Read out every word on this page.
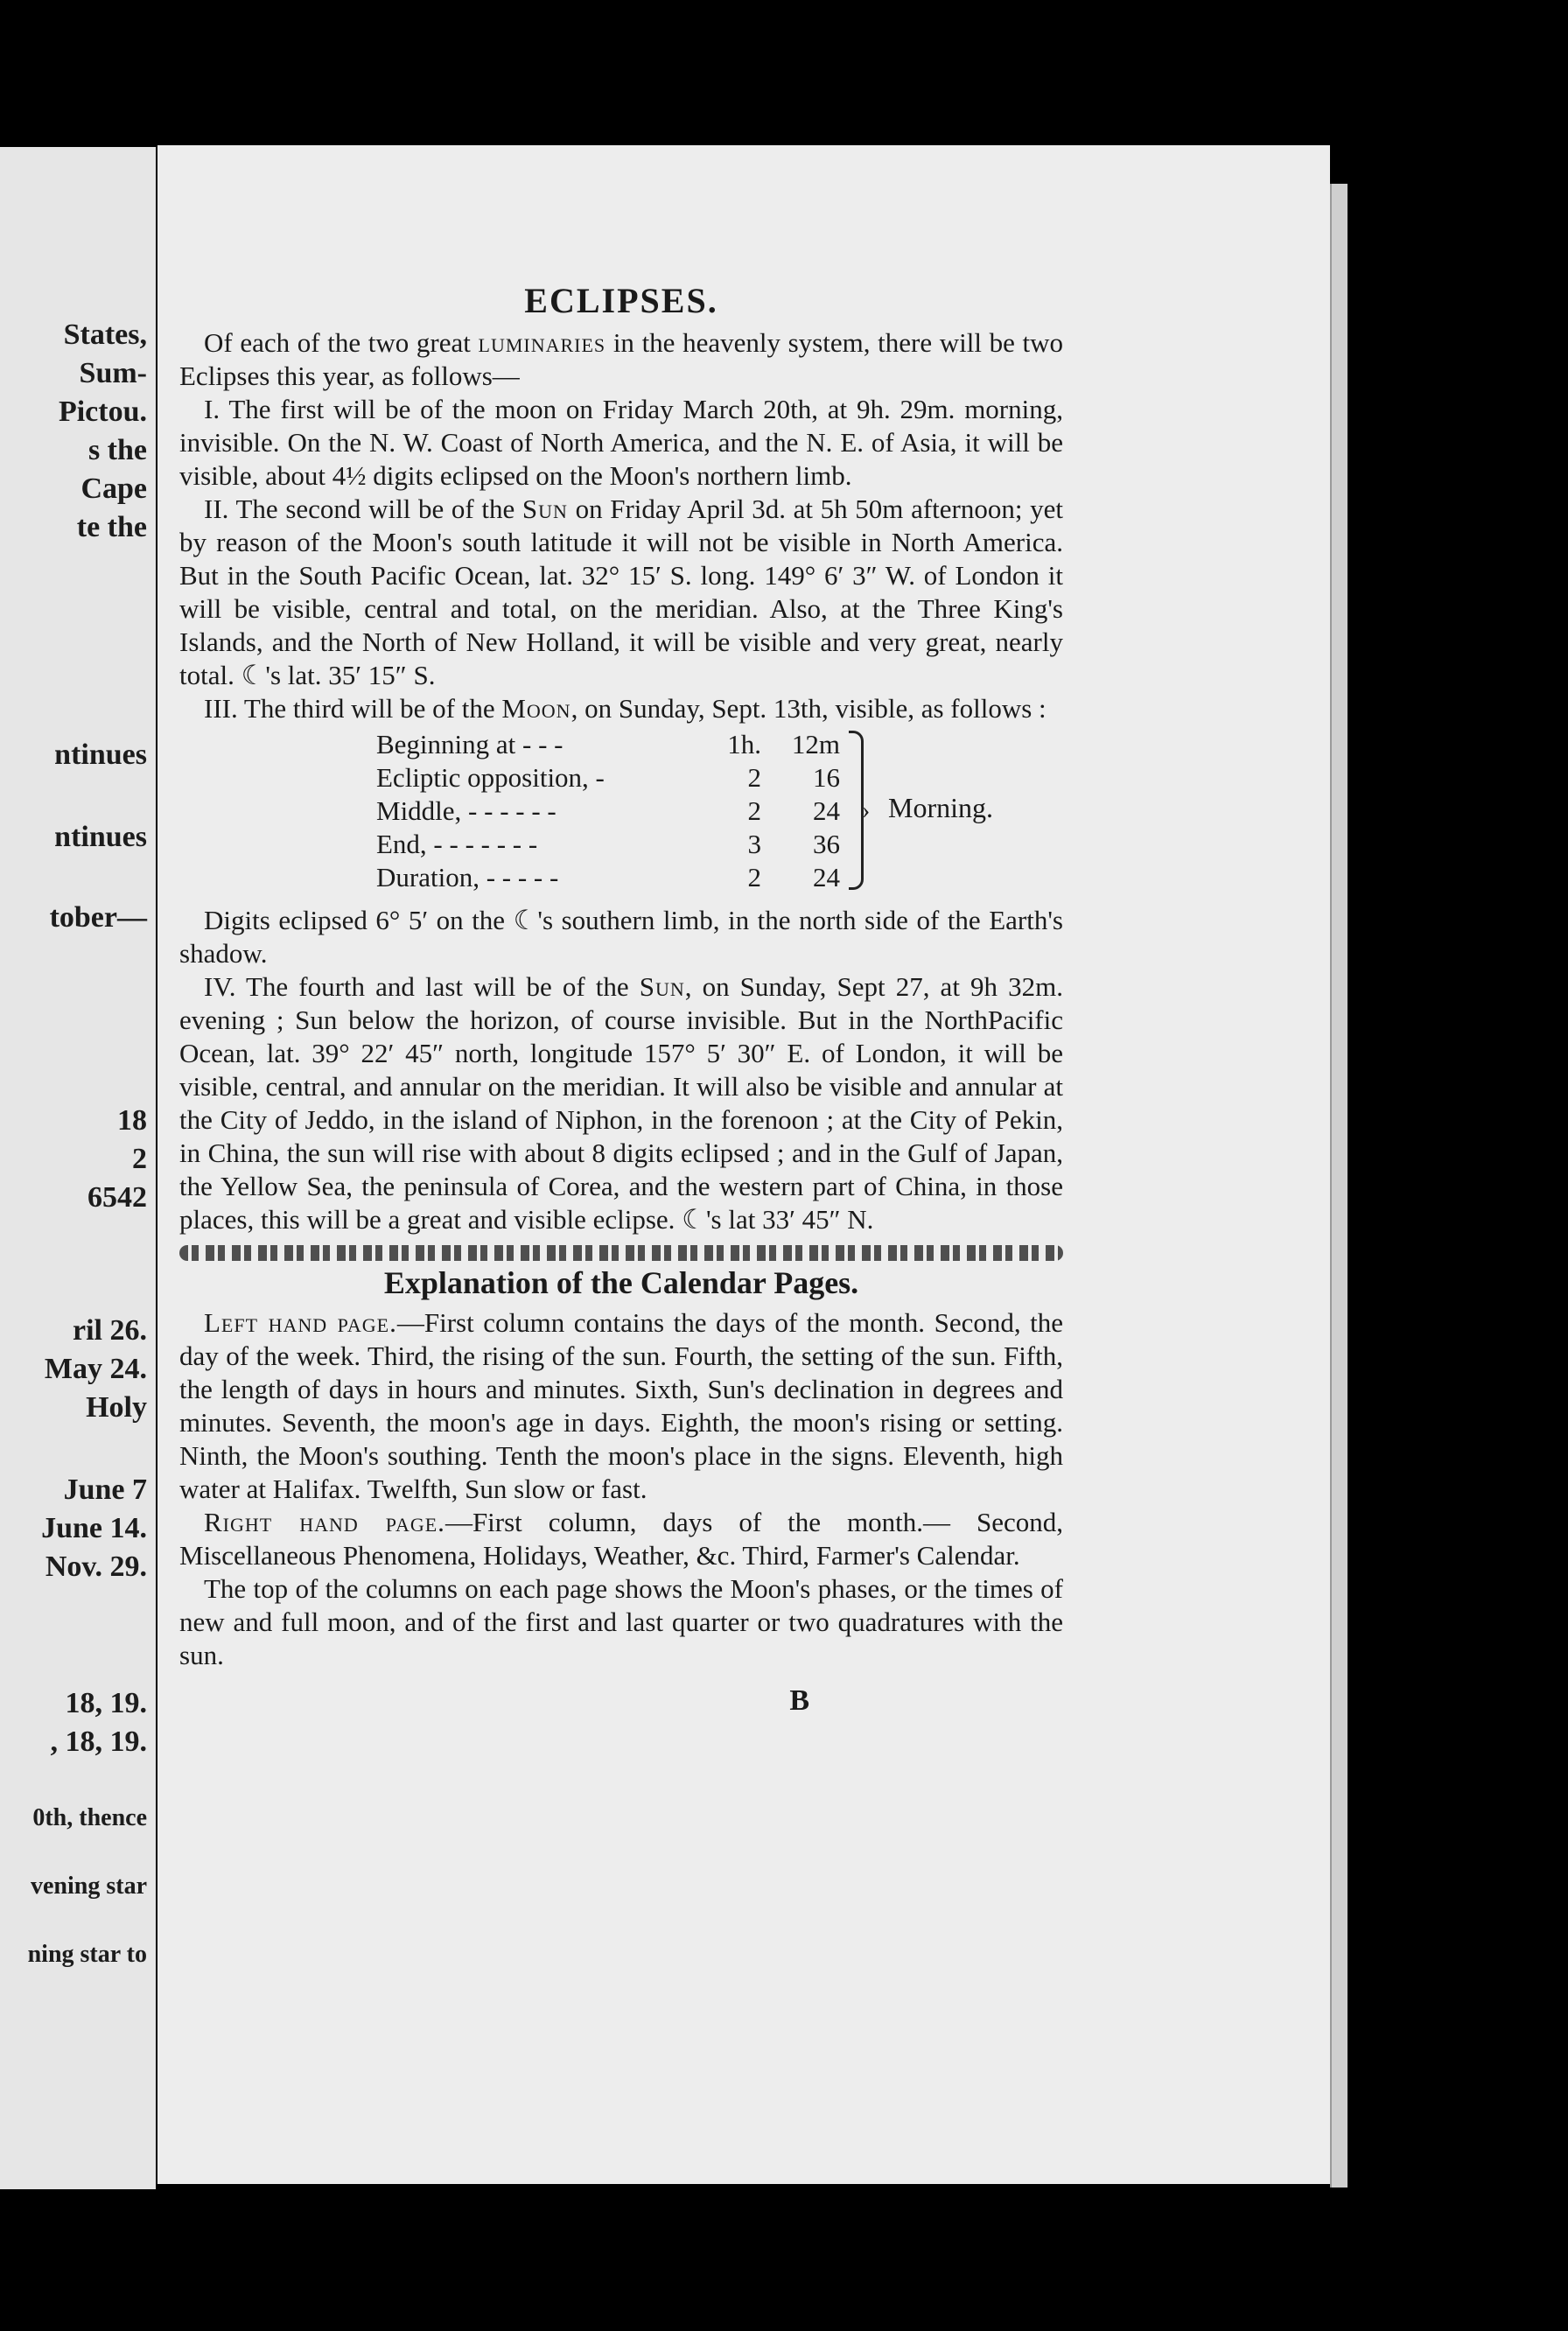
States,
Sum-
Pictou.
s the
Cape
te the
ntinues
ntinues
tober—
18
2
6542
ril 26.
May 24.
Holy
June 7
June 14.
Nov. 29.
18, 19.
, 18, 19.
0th, thence
vening star
ning star to
ECLIPSES.

Of each of the two great luminaries in the heavenly system, there will be two Eclipses this year, as follows—

I. The first will be of the moon on Friday March 20th, at 9h. 29m. morning, invisible. On the N. W. Coast of North America, and the N. E. of Asia, it will be visible, about 4½ digits eclipsed on the Moon's northern limb.

II. The second will be of the Sun on Friday April 3d. at 5h 50m afternoon; yet by reason of the Moon's south latitude it will not be visible in North America. But in the South Pacific Ocean, lat. 32° 15′ S. long. 149° 6′ 3″ W. of London it will be visible, central and total, on the meridian. Also, at the Three King's Islands, and the North of New Holland, it will be visible and very great, nearly total. ☾'s lat. 35′ 15″ S.

III. The third will be of the Moon, on Sunday, Sept. 13th, visible, as follows :

Beginning at - - -	1h. 12m
Ecliptic opposition, -	2	16
Middle, - - - - - -	2	24
End, - - - - - - -	3	36
Duration, - - - - -	2	24
› Morning.

Digits eclipsed 6° 5′ on the ☾'s southern limb, in the north side of the Earth's shadow.

IV. The fourth and last will be of the Sun, on Sunday, Sept 27, at 9h 32m. evening ; Sun below the horizon, of course invisible. But in the NorthPacific Ocean, lat. 39° 22′ 45″ north, longitude 157° 5′ 30″ E. of London, it will be visible, central, and annular on the meridian. It will also be visible and annular at the City of Jeddo, in the island of Niphon, in the forenoon ; at the City of Pekin, in China, the sun will rise with about 8 digits eclipsed ; and in the Gulf of Japan, the Yellow Sea, the peninsula of Corea, and the western part of China, in those places, this will be a great and visible eclipse. ☾'s lat 33′ 45″ N.

Explanation of the Calendar Pages.

Left hand page.—First column contains the days of the month. Second, the day of the week. Third, the rising of the sun. Fourth, the setting of the sun. Fifth, the length of days in hours and minutes. Sixth, Sun's declination in degrees and minutes. Seventh, the moon's age in days. Eighth, the moon's rising or setting. Ninth, the Moon's southing. Tenth the moon's place in the signs. Eleventh, high water at Halifax. Twelfth, Sun slow or fast.

Right hand page.—First column, days of the month.— Second, Miscellaneous Phenomena, Holidays, Weather, &c. Third, Farmer's Calendar.

The top of the columns on each page shows the Moon's phases, or the times of new and full moon, and of the first and last quarter or two quadratures with the sun.

B
